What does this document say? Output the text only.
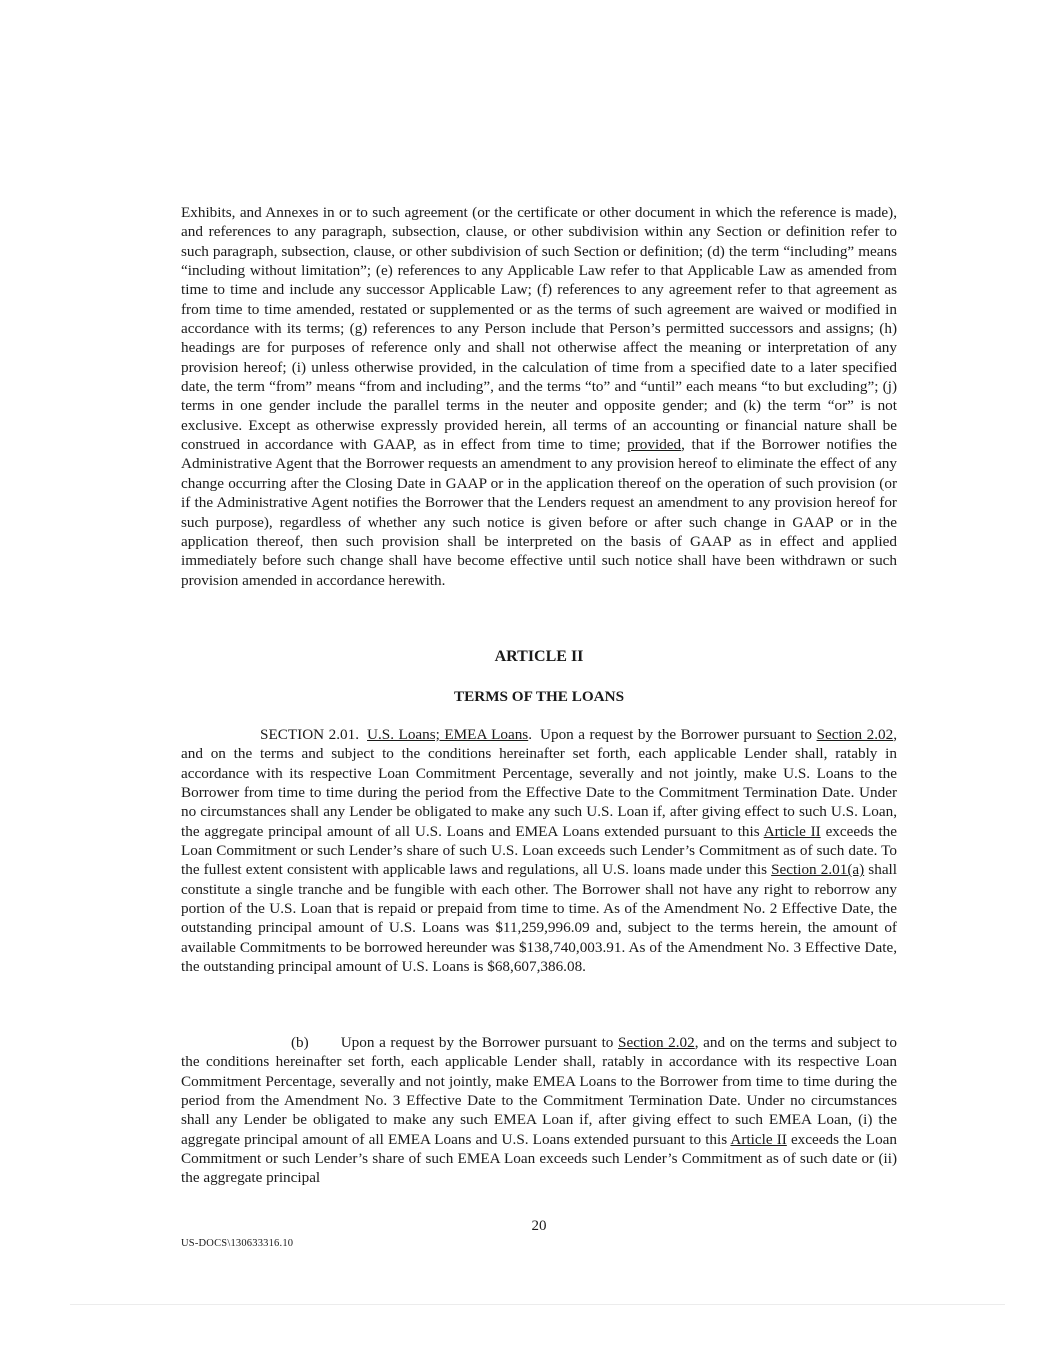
Exhibits, and Annexes in or to such agreement (or the certificate or other document in which the reference is made), and references to any paragraph, subsection, clause, or other subdivision within any Section or definition refer to such paragraph, subsection, clause, or other subdivision of such Section or definition; (d) the term “including” means “including without limitation”; (e) references to any Applicable Law refer to that Applicable Law as amended from time to time and include any successor Applicable Law; (f) references to any agreement refer to that agreement as from time to time amended, restated or supplemented or as the terms of such agreement are waived or modified in accordance with its terms; (g) references to any Person include that Person’s permitted successors and assigns; (h) headings are for purposes of reference only and shall not otherwise affect the meaning or interpretation of any provision hereof; (i) unless otherwise provided, in the calculation of time from a specified date to a later specified date, the term “from” means “from and including”, and the terms “to” and “until” each means “to but excluding”; (j) terms in one gender include the parallel terms in the neuter and opposite gender; and (k) the term “or” is not exclusive. Except as otherwise expressly provided herein, all terms of an accounting or financial nature shall be construed in accordance with GAAP, as in effect from time to time; provided, that if the Borrower notifies the Administrative Agent that the Borrower requests an amendment to any provision hereof to eliminate the effect of any change occurring after the Closing Date in GAAP or in the application thereof on the operation of such provision (or if the Administrative Agent notifies the Borrower that the Lenders request an amendment to any provision hereof for such purpose), regardless of whether any such notice is given before or after such change in GAAP or in the application thereof, then such provision shall be interpreted on the basis of GAAP as in effect and applied immediately before such change shall have become effective until such notice shall have been withdrawn or such provision amended in accordance herewith.

ARTICLE II

TERMS OF THE LOANS

SECTION 2.01. U.S. Loans; EMEA Loans. Upon a request by the Borrower pursuant to Section 2.02, and on the terms and subject to the conditions hereinafter set forth, each applicable Lender shall, ratably in accordance with its respective Loan Commitment Percentage, severally and not jointly, make U.S. Loans to the Borrower from time to time during the period from the Effective Date to the Commitment Termination Date. Under no circumstances shall any Lender be obligated to make any such U.S. Loan if, after giving effect to such U.S. Loan, the aggregate principal amount of all U.S. Loans and EMEA Loans extended pursuant to this Article II exceeds the Loan Commitment or such Lender’s share of such U.S. Loan exceeds such Lender’s Commitment as of such date. To the fullest extent consistent with applicable laws and regulations, all U.S. loans made under this Section 2.01(a) shall constitute a single tranche and be fungible with each other. The Borrower shall not have any right to reborrow any portion of the U.S. Loan that is repaid or prepaid from time to time. As of the Amendment No. 2 Effective Date, the outstanding principal amount of U.S. Loans was $11,259,996.09 and, subject to the terms herein, the amount of available Commitments to be borrowed hereunder was $138,740,003.91. As of the Amendment No. 3 Effective Date, the outstanding principal amount of U.S. Loans is $68,607,386.08.

(b) Upon a request by the Borrower pursuant to Section 2.02, and on the terms and subject to the conditions hereinafter set forth, each applicable Lender shall, ratably in accordance with its respective Loan Commitment Percentage, severally and not jointly, make EMEA Loans to the Borrower from time to time during the period from the Amendment No. 3 Effective Date to the Commitment Termination Date. Under no circumstances shall any Lender be obligated to make any such EMEA Loan if, after giving effect to such EMEA Loan, (i) the aggregate principal amount of all EMEA Loans and U.S. Loans extended pursuant to this Article II exceeds the Loan Commitment or such Lender’s share of such EMEA Loan exceeds such Lender’s Commitment as of such date or (ii) the aggregate principal

20

US-DOCS\130633316.10
